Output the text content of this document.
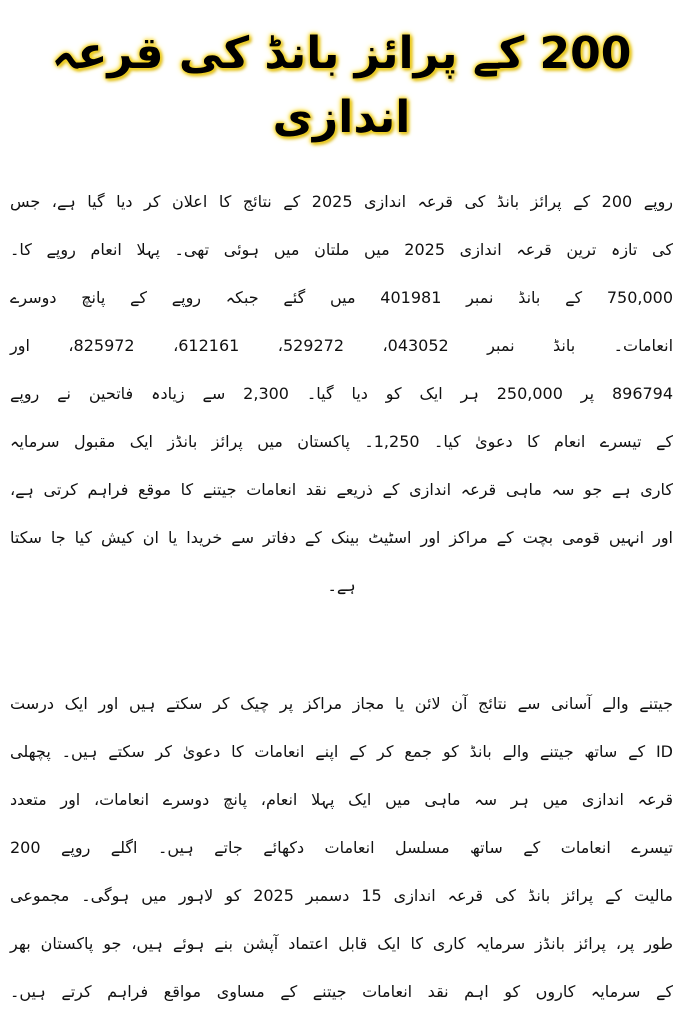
200 کے پرائز بانڈ کی قرعہ اندازی
روپے 200 کے پرائز بانڈ کی قرعہ اندازی 2025 کے نتائج کا اعلان کر دیا گیا ہے، جس
کی تازہ ترین قرعہ اندازی 2025 میں ملتان میں ہوئی تھی۔ پہلا انعام روپے کا۔
750,000 کے بانڈ نمبر 401981 میں گئے جبکہ روپے کے پانچ دوسرے
انعامات۔ بانڈ نمبر 043052، 529272، 612161، 825972، اور
896794 پر 250,000 ہر ایک کو دیا گیا۔ 2,300 سے زیادہ فاتحین نے روپے
کے تیسرے انعام کا دعویٰ کیا۔ 1,250۔ پاکستان میں پرائز بانڈز ایک مقبول سرمایہ
کاری ہے جو سہ ماہی قرعہ اندازی کے ذریعے نقد انعامات جیتنے کا موقع فراہم کرتی ہے،
اور انہیں قومی بچت کے مراکز اور اسٹیٹ بینک کے دفاتر سے خریدا یا ان کیش کیا جا سکتا
ہے۔
جیتنے والے آسانی سے نتائج آن لائن یا مجاز مراکز پر چیک کر سکتے ہیں اور ایک درست
ID کے ساتھ جیتنے والے بانڈ کو جمع کر کے اپنے انعامات کا دعویٰ کر سکتے ہیں۔ پچھلی
قرعہ اندازی میں ہر سہ ماہی میں ایک پہلا انعام، پانچ دوسرے انعامات، اور متعدد
تیسرے انعامات کے ساتھ مسلسل انعامات دکھائے جاتے ہیں۔ اگلے روپے 200
مالیت کے پرائز بانڈ کی قرعہ اندازی 15 دسمبر 2025 کو لاہور میں ہوگی۔ مجموعی
طور پر، پرائز بانڈز سرمایہ کاری کا ایک قابل اعتماد آپشن بنے ہوئے ہیں، جو پاکستان بھر
کے سرمایہ کاروں کو اہم نقد انعامات جیتنے کے مساوی مواقع فراہم کرتے ہیں۔
